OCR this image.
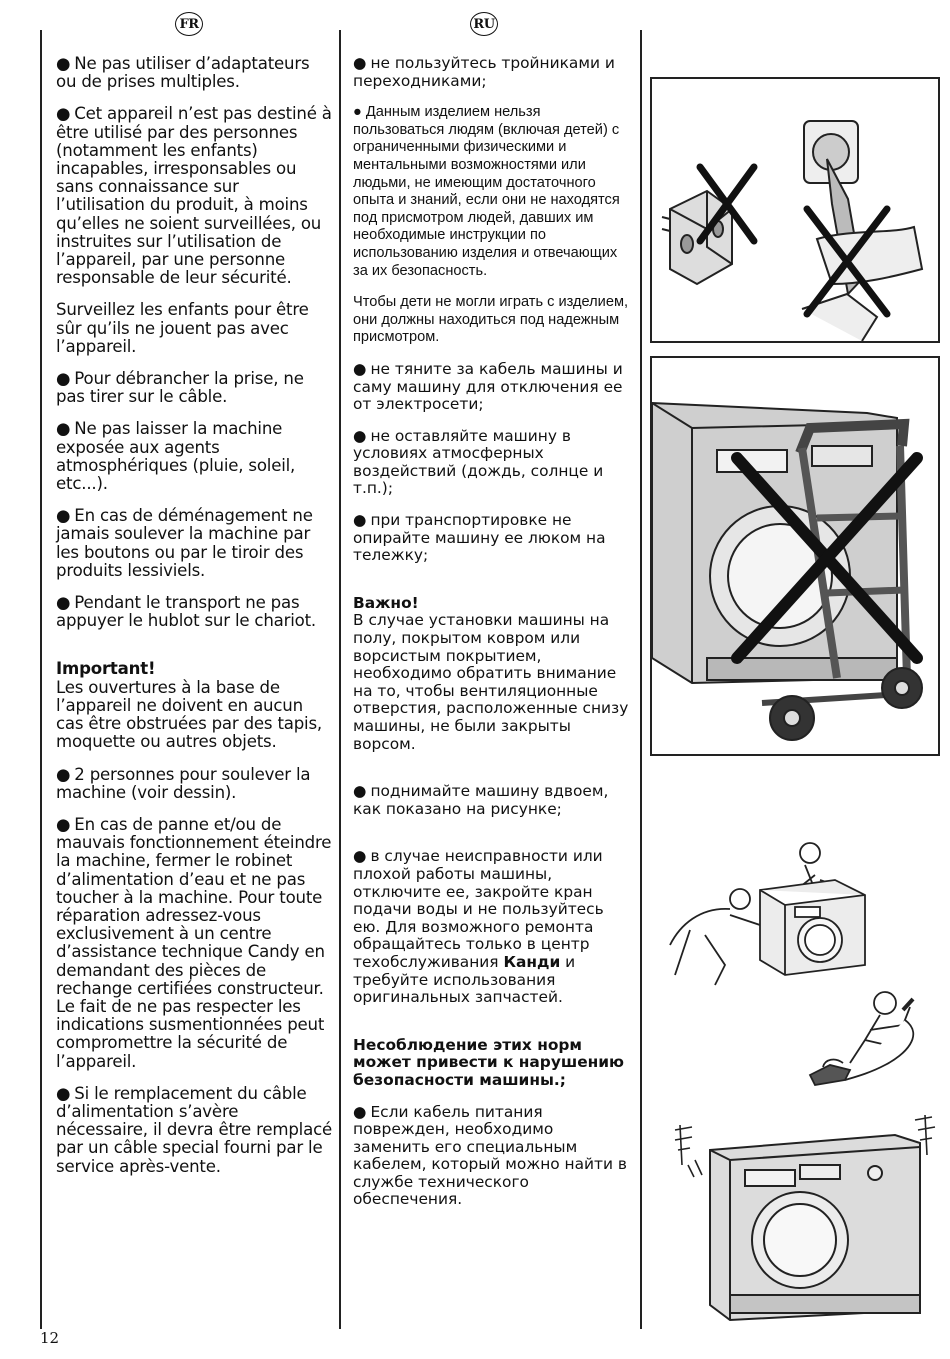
FR	RU

● Ne pas utiliser d’adaptateurs ou de prises multiples.

● Cet appareil n’est pas destiné à être utilisé par des personnes (notamment les enfants) incapables, irresponsables ou sans connaissance sur l’utilisation du produit, à moins qu’elles ne soient surveillées, ou instruites sur l’utilisation de l’appareil, par une personne responsable de leur sécurité.

Surveillez les enfants pour être sûr qu’ils ne jouent pas avec l’appareil.

● Pour débrancher la prise, ne pas tirer sur le câble.

● Ne pas laisser la machine exposée aux agents atmosphériques (pluie, soleil, etc...).

● En cas de déménagement ne jamais soulever la machine par les boutons ou par le tiroir des produits lessiviels.

● Pendant le transport ne pas appuyer le hublot sur le chariot.

Important!
Les ouvertures à la base de l’appareil ne doivent en aucun cas être obstruées par des tapis, moquette ou autres objets.

● 2 personnes pour soulever la machine (voir dessin).

● En cas de panne et/ou de mauvais fonctionnement éteindre la machine, fermer le robinet d’alimentation d’eau et ne pas toucher à la machine. Pour toute réparation adressez-vous exclusivement à un centre d’assistance technique Candy en demandant des pièces de rechange certifiées constructeur. Le fait de ne pas respecter les indications susmentionnées peut compromettre la sécurité de l’appareil.

● Si le remplacement du câble d’alimentation s’avère nécessaire, il devra être remplacé par un câble special fourni par le service après-vente.

● не пользуйтесь тройниками и переходниками;

● Данным изделием нельзя пользоваться людям (включая детей) с ограниченными физическими и ментальными возможностями или людьми, не имеющим достаточного опыта и знаний, если они не находятся под присмотром людей, давших им необходимые инструкции по использованию изделия и отвечающих за их безопасность.

Чтобы дети не могли играть с изделием, они должны находиться под надежным присмотром.

● не тяните за кабель машины и саму машину для отключения ее от электросети;

● не оставляйте машину в условиях атмосферных воздействий (дождь, солнце и т.п.);

● при транспортировке не опирайте машину ее люком на тележку;

Важно!
В случае установки машины на полу, покрытом ковром или ворсистым покрытием, необходимо обратить внимание на то, чтобы вентиляционные отверстия, расположенные снизу машины, не были закрыты ворсом.

● поднимайте машину вдвоем, как показано на рисунке;

● в случае неисправности или плохой работы машины, отключите ее, закройте кран подачи воды и не пользуйтесь ею. Для возможного ремонта обращайтесь только в центр техобслуживания Канди и требуйте использования оригинальных запчастей.

Несоблюдение этих норм может привести к нарушению безопасности машины.;

● Если кабель питания поврежден, необходимо заменить его специальным кабелем, который можно найти в службе технического обеспечения.

12
